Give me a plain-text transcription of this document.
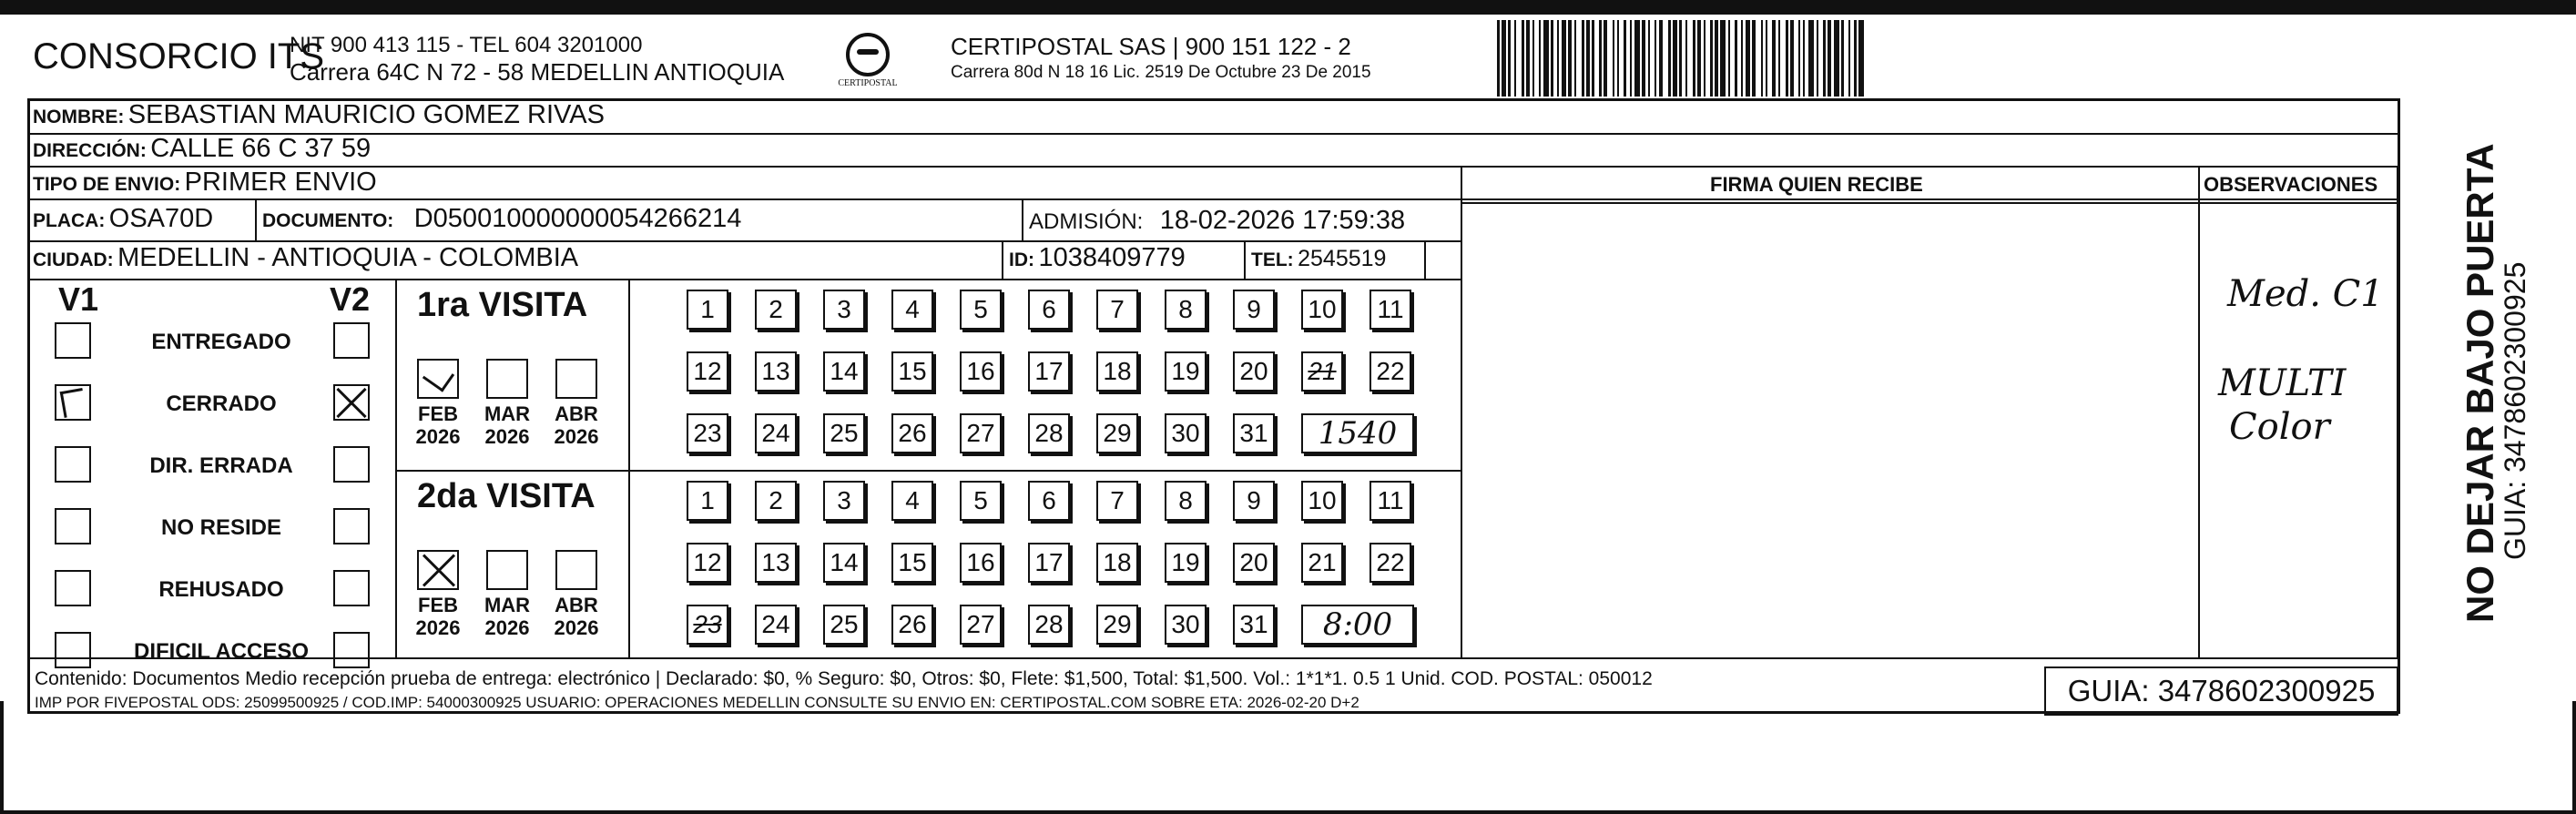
CONSORCIO ITS
NIT 900 413 115 - TEL 604 3201000
Carrera 64C N 72 - 58 MEDELLIN ANTIOQUIA	CERTIPOSTAL
CERTIPOSTAL SAS | 900 151 122 - 2
Carrera 80d N 18 16 Lic. 2519 De Octubre 23 De 2015
NOMBRE: SEBASTIAN MAURICIO GOMEZ RIVAS
DIRECCIÓN: CALLE 66 C 37 59
TIPO DE ENVIO: PRIMER ENVIO	FIRMA QUIEN RECIBE	OBSERVACIONES
PLACA: OSA70D	DOCUMENTO: D050010000000054266214	ADMISIÓN: 18-02-2026 17:59:38
CIUDAD: MEDELLIN - ANTIOQUIA - COLOMBIA	ID: 1038409779	TEL: 2545519
V1	V2
ENTREGADO
CERRADO
DIR. ERRADA
NO RESIDE
REHUSADO
DIFICIL ACCESO
1ra VISITA
FEB
2026
MAR
2026
ABR
2026
1	2	3	4	5	6	7	8	9	10	11
12 13 14 15 16 17 18 19 20 21 22
23 24 25 26 27 28 29 30 31	1540
2da VISITA
FEB
2026
MAR
2026
ABR
2026
1	2	3	4	5	6	7	8	9	10	11
12 13 14 15 16 17 18 19 20 21 22
23 24 25 26 27 28 29 30 31	8:00
Med. C1
MULTI
Color	NO DEJAR BAJO PUERTA
GUIA: 3478602300925
Contenido: Documentos Medio recepción prueba de entrega: electrónico | Declarado: $0, % Seguro: $0, Otros: $0, Flete: $1,500, Total: $1,500. Vol.: 1*1*1. 0.5 1 Unid. COD. POSTAL: 050012
IMP POR FIVEPOSTAL ODS: 25099500925 / COD.IMP: 54000300925 USUARIO: OPERACIONES MEDELLIN CONSULTE SU ENVIO EN: CERTIPOSTAL.COM SOBRE ETA: 2026-02-20 D+2	GUIA: 3478602300925
